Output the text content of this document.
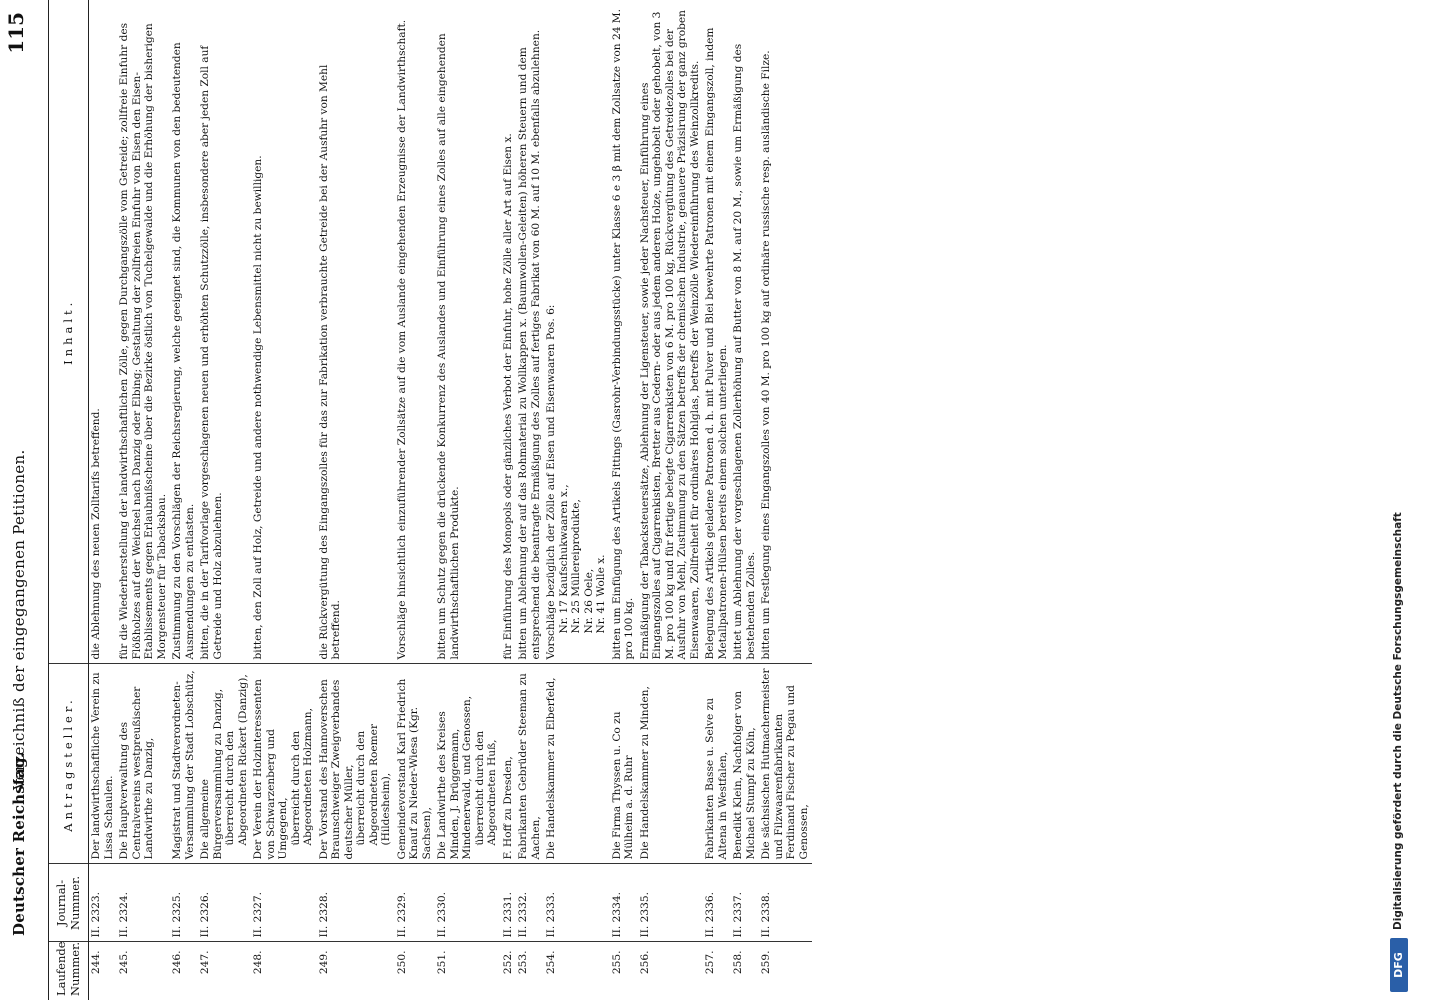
Deutscher Reichstag.
Verzeichniß der eingegangenen Petitionen.
115
Laufende Nummer.	Journal-Nummer.	Antragsteller.	Inhalt.
244.	II. 2323.	Der landwirthschaftliche Verein zu Lissa Schaulen.	die Ablehnung des neuen Zolltarifs betreffend.

245.	II. 2324.	Die Hauptverwaltung des Centralvereins westpreußischer Landwirthe zu Danzig,	für die Wiederherstellung der landwirthschaftlichen Zölle, gegen Durchgangszölle vom Getreide; zollfreie Einfuhr des Flößholzes auf der Weichsel nach Danzig oder Elbing; Gestaltung der zollfreien Einfuhr von Eisen den Eisen-Etablissements gegen Erlaubnißscheine über die Bezirke östlich von Tuchelgewalde und die Erhöhung der bisherigen Morgensteuer für Tabacksbau.

246.	II. 2325.	Magistrat und Stadtverordneten-Versammlung der Stadt Lobschütz,	Zustimmung zu den Vorschlägen der Reichsregierung, welche geeignet sind, die Kommunen von den bedeutenden Ausmendungen zu entlasten.

247.	II. 2326.	Die allgemeine Bürgerversammlung zu Danzig, überreicht durch den Abgeordneten Rickert (Danzig),	bitten, die in der Tarifvorlage vorgeschlagenen neuen und erhöhten Schutzzölle, insbesondere aber jeden Zoll auf Getreide und Holz abzulehnen.

248.	II. 2327.	Der Verein der Holzinteressenten von Schwarzenberg und Umgegend, überreicht durch den Abgeordneten Holzmann,	bitten, den Zoll auf Holz, Getreide und andere nothwendige Lebensmittel nicht zu bewilligen.

249.	II. 2328.	Der Vorstand des Hannoverschen Braunschweiger Zweigverbandes deutscher Müller, überreicht durch den Abgeordneten Roemer (Hildesheim),	die Rückvergütung des Eingangszolles für das zur Fabrikation verbrauchte Getreide bei der Ausfuhr von Mehl betreffend.

250.	II. 2329.	Gemeindevorstand Karl Friedrich Knauf zu Nieder-Wiesa (Kgr. Sachsen),	Vorschläge hinsichtlich einzuführender Zollsätze auf die vom Auslande eingehenden Erzeugnisse der Landwirthschaft.

251.	II. 2330.	Die Landwirthe des Kreises Minden, J. Brüggemann, Mindenerwald, und Genossen, überreicht durch den Abgeordneten Huß,	bitten um Schutz gegen die drückende Konkurrenz des Auslandes und Einführung eines Zolles auf alle eingehenden landwirthschaftlichen Produkte.

252.	II. 2331.	F. Hoff zu Dresden,	für Einführung des Monopols oder gänzliches Verbot der Einfuhr, hohe Zölle aller Art auf Eisen x.

253.	II. 2332.	Fabrikanten Gebrüder Steeman zu Aachen,	bitten um Ablehnung der auf das Rohmaterial zu Wollkappen x. (Baumwollen-Geleiten) höheren Steuern und dem entsprechend die beantragte Ermäßigung des Zolles auf fertiges Fabrikat von 60 M. auf 10 M. ebenfalls abzulehnen.

254.	II. 2333.	Die Handelskammer zu Elberfeld,	Vorschläge bezüglich der Zölle auf Eisen und Eisenwaaren Pos. 6: Nr. 17 Kaufschukwaaren x., Nr. 25 Müllereiprodukte, Nr. 26 Oele, Nr. 41 Wolle x.

255.	II. 2334.	Die Firma Thyssen u. Co zu Mülheim a. d. Ruhr	bitten um Einfügung des Artikels Fittings (Gasrohr-Verbindungsstücke) unter Klasse 6 e 3 β mit dem Zollsatze von 24 M. pro 100 kg.

256.	II. 2335.	Die Handelskammer zu Minden,	Ermäßigung der Tabacksteuersätze, Ablehnung der Ligensteuer, sowie jeder Nachsteuer, Einführung eines Eingangszolles auf Cigarrenkisten, Bretter aus Cedern- oder aus jedem anderen Holze, ungehobelt oder gehobelt, von 3 M. pro 100 kg und für fertige belegte Cigarrenkisten von 6 M. pro 100 kg, Rückvergütung des Getreidezolles bei der Ausfuhr von Mehl, Zustimmung zu den Sätzen betreffs der chemischen Industrie, genauere Präzisirung der ganz groben Eisenwaaren, Zollfreiheit für ordinäres Hohlglas, betreffs der Weinzölle Wiedereinführung des Weinzollkredits.

257.	II. 2336.	Fabrikanten Basse u. Selve zu Altena in Westfalen,	Belegung des Artikels geladene Patronen d. h. mit Pulver und Blei bewehrte Patronen mit einem Eingangszoll, indem Metallpatronen-Hülsen bereits einem solchen unterliegen.

258.	II. 2337.	Benedikt Klein, Nachfolger von Michael Stumpf zu Köln,	bittet um Ablehnung der vorgeschlagenen Zollerhöhung auf Butter von 8 M. auf 20 M., sowie um Ermäßigung des bestehenden Zolles.

259.	II. 2338.	Die sächsischen Hutmachermeister und Filzwaarenfabrikanten Ferdinand Fischer zu Pegau und Genossen,	bitten um Festlegung eines Eingangszolles von 40 M. pro 100 kg auf ordinäre russische resp. ausländische Filze.
DFG
Digitalisierung gefördert durch die Deutsche Forschungsgemeinschaft
